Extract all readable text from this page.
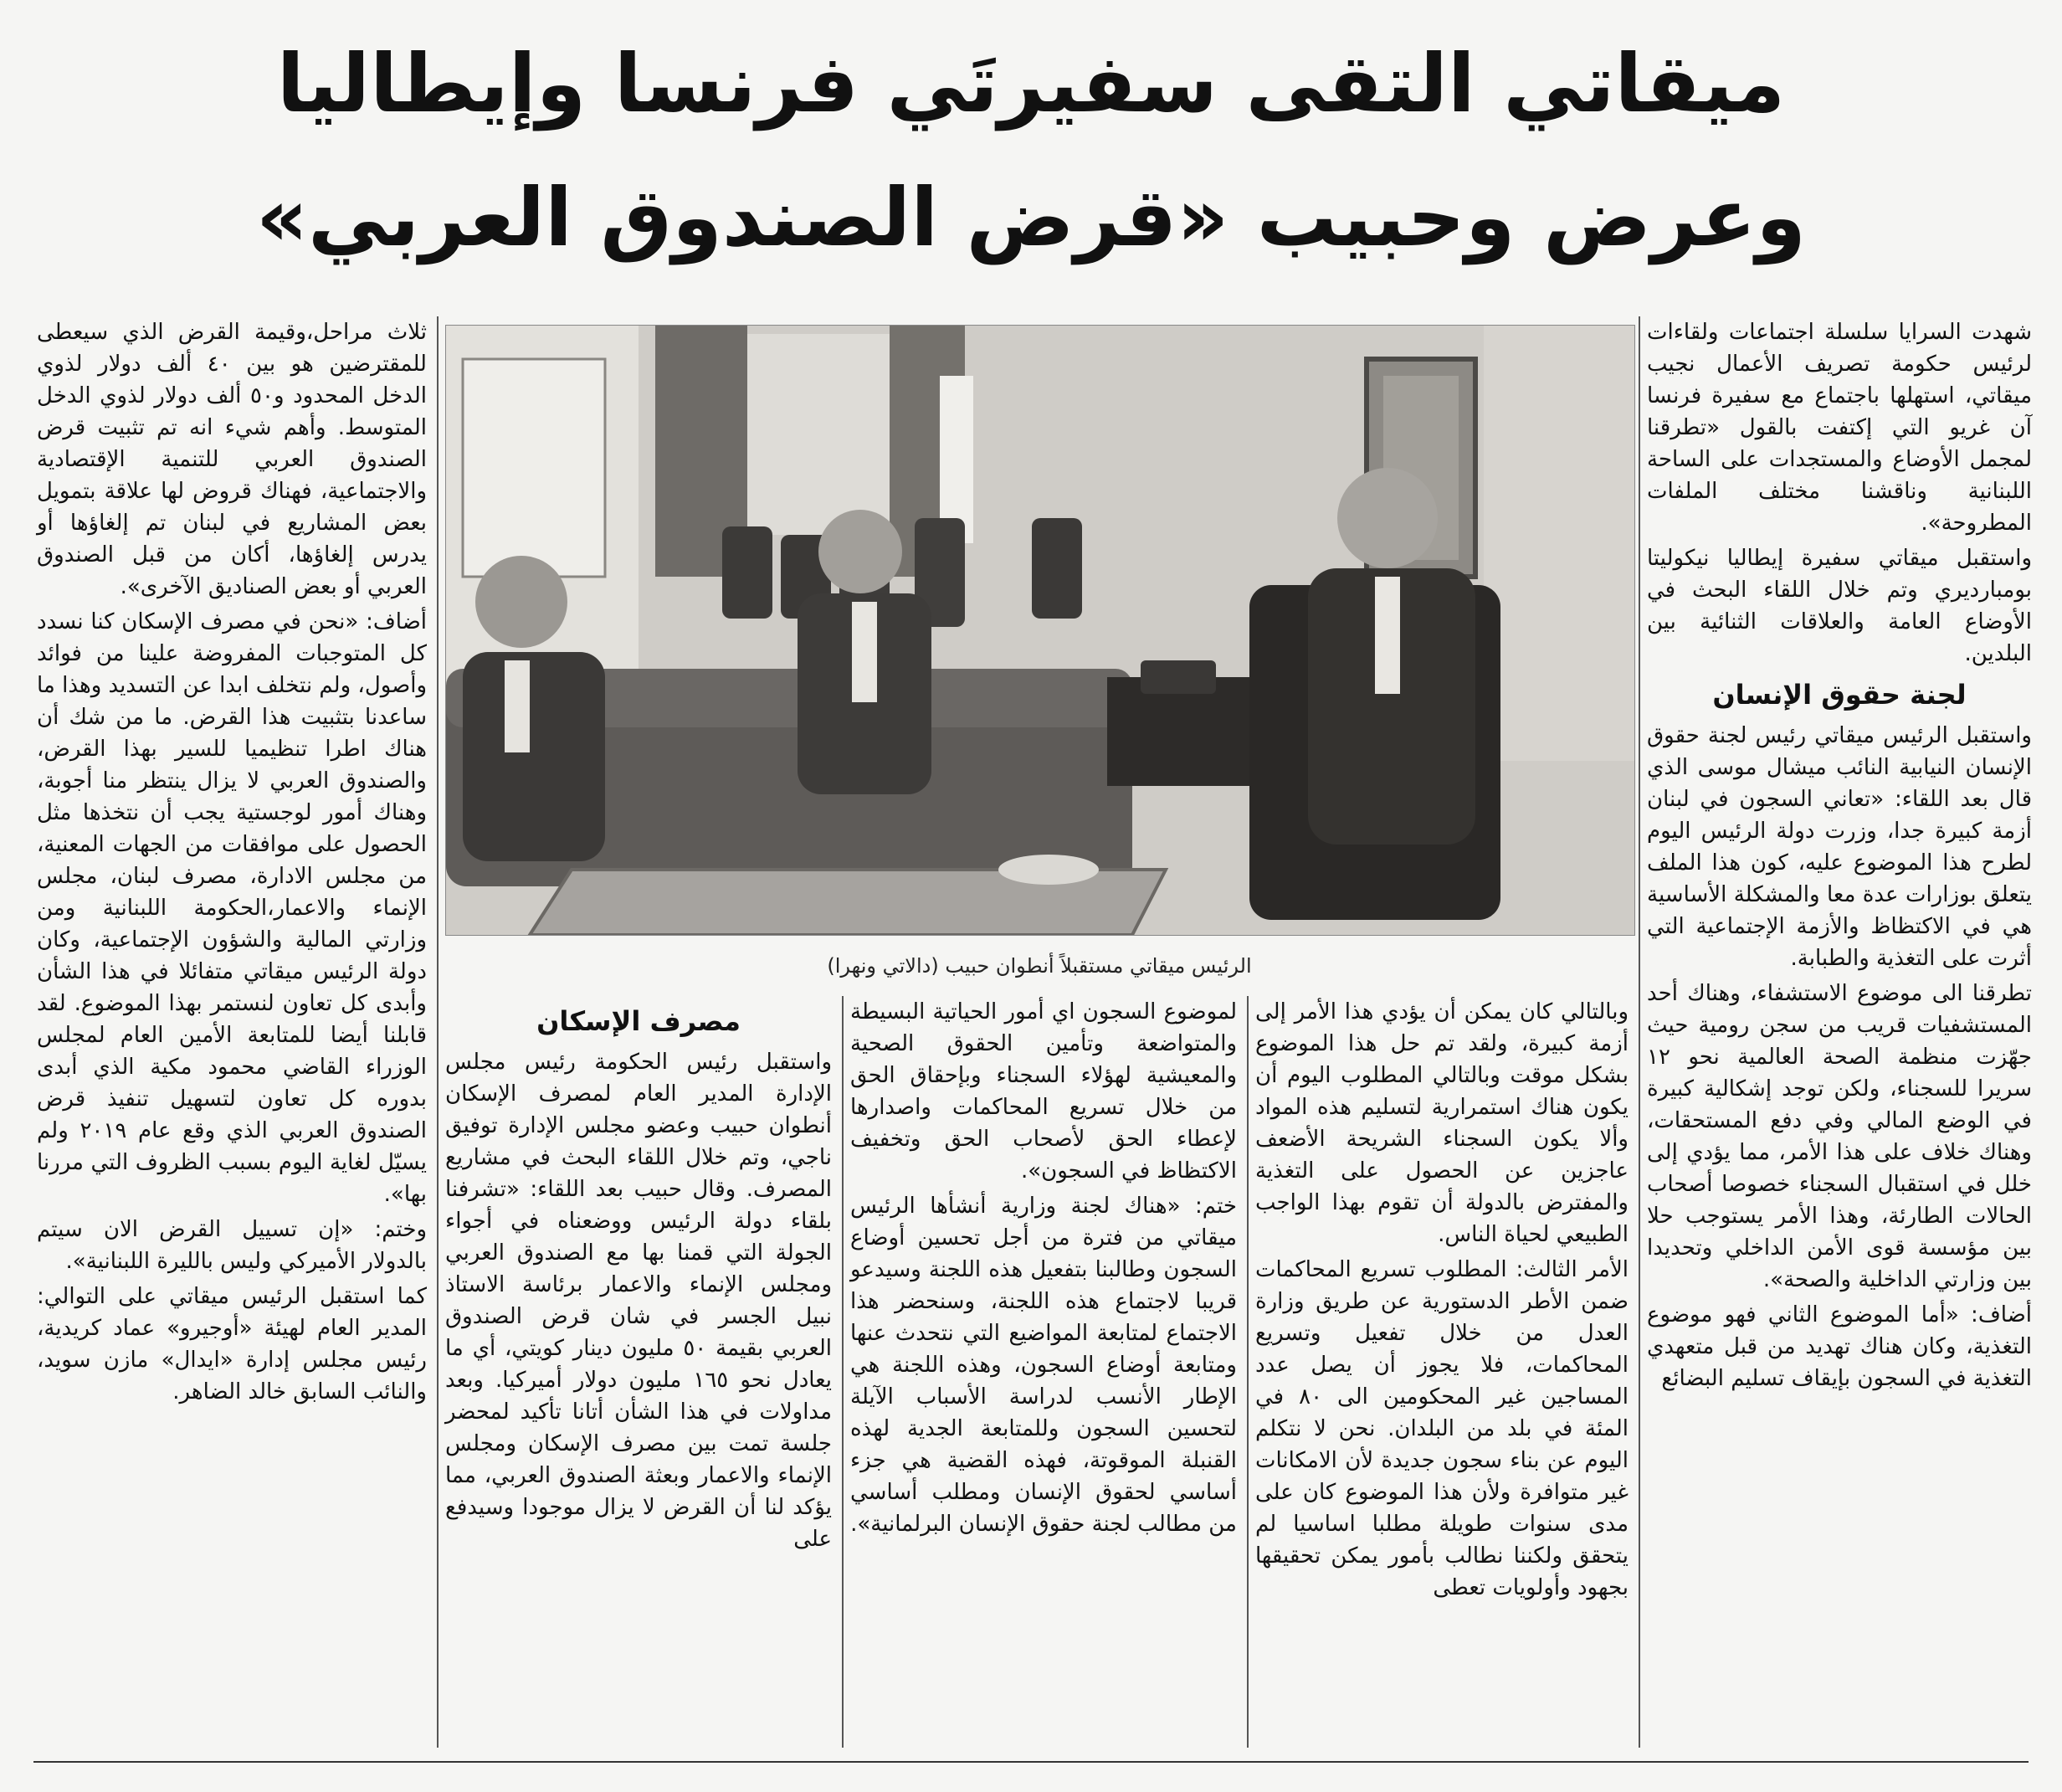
ميقاتي التقى سفيرتَي فرنسا وإيطاليا
وعرض وحبيب «قرض الصندوق العربي»

شهدت السرايا سلسلة اجتماعات ولقاءات لرئيس حكومة تصريف الأعمال نجيب ميقاتي، استهلها باجتماع مع سفيرة فرنسا آن غريو التي إكتفت بالقول «تطرقنا لمجمل الأوضاع والمستجدات على الساحة اللبنانية وناقشنا مختلف الملفات المطروحة».

واستقبل ميقاتي سفيرة إيطاليا نيكوليتا بومبارديري وتم خلال اللقاء البحث في الأوضاع العامة والعلاقات الثنائية بين البلدين.

لجنة حقوق الإنسان

واستقبل الرئيس ميقاتي رئيس لجنة حقوق الإنسان النيابية النائب ميشال موسى الذي قال بعد اللقاء: «تعاني السجون في لبنان أزمة كبيرة جدا، وزرت دولة الرئيس اليوم لطرح هذا الموضوع عليه، كون هذا الملف يتعلق بوزارات عدة معا والمشكلة الأساسية هي في الاكتظاظ والأزمة الإجتماعية التي أثرت على التغذية والطبابة.

تطرقنا الى موضوع الاستشفاء، وهناك أحد المستشفيات قريب من سجن رومية حيث جهّزت منظمة الصحة العالمية نحو ١٢ سريرا للسجناء، ولكن توجد إشكالية كبيرة في الوضع المالي وفي دفع المستحقات، وهناك خلاف على هذا الأمر، مما يؤدي إلى خلل في استقبال السجناء خصوصا أصحاب الحالات الطارئة، وهذا الأمر يستوجب حلا بين مؤسسة قوى الأمن الداخلي وتحديدا بين وزارتي الداخلية والصحة».

أضاف: «أما الموضوع الثاني فهو موضوع التغذية، وكان هناك تهديد من قبل متعهدي التغذية في السجون بإيقاف تسليم البضائع

الرئيس ميقاتي مستقبلاً أنطوان حبيب (دالاتي ونهرا)

وبالتالي كان يمكن أن يؤدي هذا الأمر إلى أزمة كبيرة، ولقد تم حل هذا الموضوع بشكل موقت وبالتالي المطلوب اليوم أن يكون هناك استمرارية لتسليم هذه المواد وألا يكون السجناء الشريحة الأضعف عاجزين عن الحصول على التغذية والمفترض بالدولة أن تقوم بهذا الواجب الطبيعي لحياة الناس.

الأمر الثالث: المطلوب تسريع المحاكمات ضمن الأطر الدستورية عن طريق وزارة العدل من خلال تفعيل وتسريع المحاكمات، فلا يجوز أن يصل عدد المساجين غير المحكومين الى ٨٠ في المئة في بلد من البلدان. نحن لا نتكلم اليوم عن بناء سجون جديدة لأن الامكانات غير متوافرة ولأن هذا الموضوع كان على مدى سنوات طويلة مطلبا اساسيا لم يتحقق ولكننا نطالب بأمور يمكن تحقيقها بجهود وأولويات تعطى

لموضوع السجون اي أمور الحياتية البسيطة والمتواضعة وتأمين الحقوق الصحية والمعيشية لهؤلاء السجناء وبإحقاق الحق من خلال تسريع المحاكمات واصدارها لإعطاء الحق لأصحاب الحق وتخفيف الاكتظاظ في السجون».

ختم: «هناك لجنة وزارية أنشأها الرئيس ميقاتي من فترة من أجل تحسين أوضاع السجون وطالبنا بتفعيل هذه اللجنة وسيدعو قريبا لاجتماع هذه اللجنة، وسنحضر هذا الاجتماع لمتابعة المواضيع التي نتحدث عنها ومتابعة أوضاع السجون، وهذه اللجنة هي الإطار الأنسب لدراسة الأسباب الآيلة لتحسين السجون وللمتابعة الجدية لهذه القنبلة الموقوتة، فهذه القضية هي جزء أساسي لحقوق الإنسان ومطلب أساسي من مطالب لجنة حقوق الإنسان البرلمانية».

مصرف الإسكان

واستقبل رئيس الحكومة رئيس مجلس الإدارة المدير العام لمصرف الإسكان أنطوان حبيب وعضو مجلس الإدارة توفيق ناجي، وتم خلال اللقاء البحث في مشاريع المصرف. وقال حبيب بعد اللقاء: «تشرفنا بلقاء دولة الرئيس ووضعناه في أجواء الجولة التي قمنا بها مع الصندوق العربي ومجلس الإنماء والاعمار برئاسة الاستاذ نبيل الجسر في شان قرض الصندوق العربي بقيمة ٥٠ مليون دينار كويتي، أي ما يعادل نحو ١٦٥ مليون دولار أميركيا. وبعد مداولات في هذا الشأن أتانا تأكيد لمحضر جلسة تمت بين مصرف الإسكان ومجلس الإنماء والاعمار وبعثة الصندوق العربي، مما يؤكد لنا أن القرض لا يزال موجودا وسيدفع على

ثلاث مراحل،وقيمة القرض الذي سيعطى للمقترضين هو بين ٤٠ ألف دولار لذوي الدخل المحدود و٥٠ ألف دولار لذوي الدخل المتوسط. وأهم شيء انه تم تثبيت قرض الصندوق العربي للتنمية الإقتصادية والاجتماعية، فهناك قروض لها علاقة بتمويل بعض المشاريع في لبنان تم إلغاؤها أو يدرس إلغاؤها، أكان من قبل الصندوق العربي أو بعض الصناديق الآخرى».

أضاف: «نحن في مصرف الإسكان كنا نسدد كل المتوجبات المفروضة علينا من فوائد وأصول، ولم نتخلف ابدا عن التسديد وهذا ما ساعدنا بتثبيت هذا القرض. ما من شك أن هناك اطرا تنظيميا للسير بهذا القرض، والصندوق العربي لا يزال ينتظر منا أجوبة، وهناك أمور لوجستية يجب أن نتخذها مثل الحصول على موافقات من الجهات المعنية، من مجلس الادارة، مصرف لبنان، مجلس الإنماء والاعمار،الحكومة اللبنانية ومن وزارتي المالية والشؤون الإجتماعية، وكان دولة الرئيس ميقاتي متفائلا في هذا الشأن وأبدى كل تعاون لنستمر بهذا الموضوع. لقد قابلنا أيضا للمتابعة الأمين العام لمجلس الوزراء القاضي محمود مكية الذي أبدى بدوره كل تعاون لتسهيل تنفيذ قرض الصندوق العربي الذي وقع عام ٢٠١٩ ولم يسيّل لغاية اليوم بسبب الظروف التي مررنا بها».

وختم: «إن تسييل القرض الان سيتم بالدولار الأميركي وليس بالليرة اللبنانية».

كما استقبل الرئيس ميقاتي على التوالي: المدير العام لهيئة «أوجيرو» عماد كريدية، رئيس مجلس إدارة «ايدال» مازن سويد، والنائب السابق خالد الضاهر.
